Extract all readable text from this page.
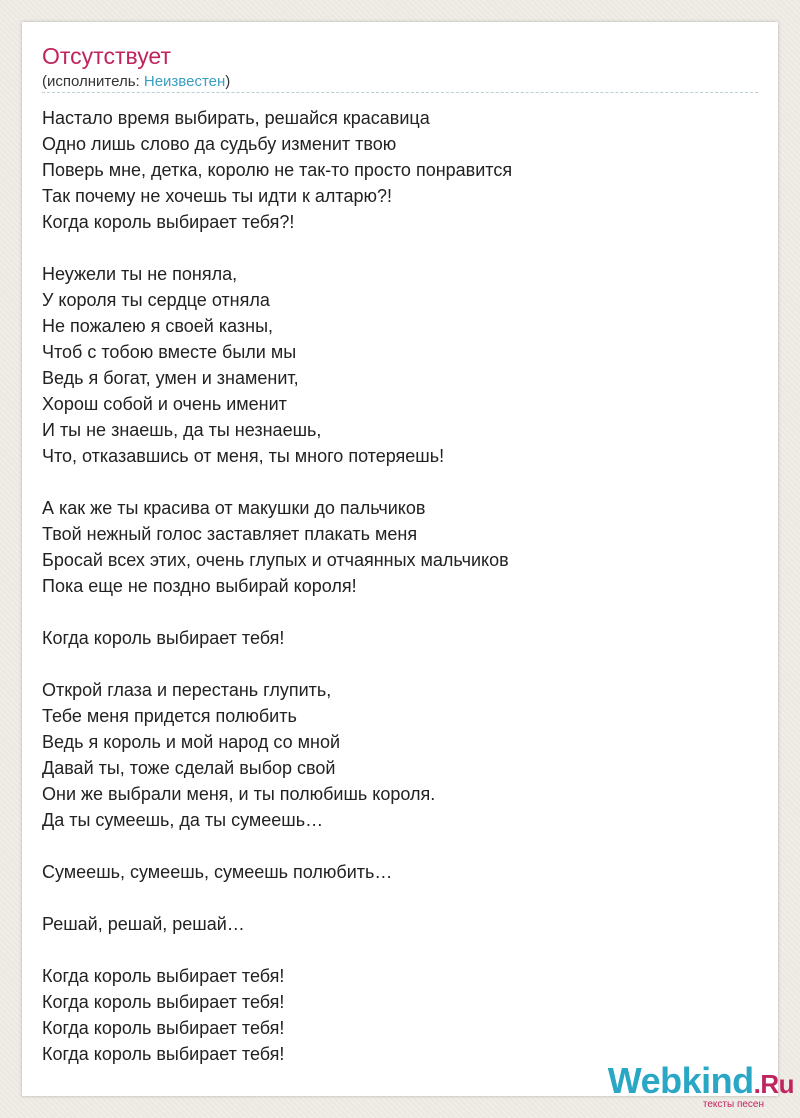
Отсутствует
(исполнитель: Неизвестен)
Настало время выбирать, решайся красавица
Одно лишь слово да судьбу изменит твою
Поверь мне, детка, королю не так-то просто понравится
Так почему не хочешь ты идти к алтарю?!
Когда король выбирает тебя?!

Неужели ты не поняла,
У короля ты сердце отняла
Не пожалею я своей казны,
Чтоб с тобою вместе были мы
Ведь я богат, умен и знаменит,
Хорош собой и очень именит
И ты не знаешь, да ты незнаешь,
Что, отказавшись от меня, ты много потеряешь!

А как же ты красива от макушки до пальчиков
Твой нежный голос заставляет плакать меня
Бросай всех этих, очень глупых и отчаянных мальчиков
Пока еще не поздно выбирай короля!

Когда король выбирает тебя!

Открой глаза и перестань глупить,
Тебе меня придется полюбить
Ведь я король и мой народ со мной
Давай ты, тоже сделай выбор свой
Они же выбрали меня, и ты полюбишь короля.
Да ты сумеешь, да ты сумеешь…

Сумеешь, сумеешь, сумеешь полюбить…

Решай, решай, решай…

Когда король выбирает тебя!
Когда король выбирает тебя!
Когда король выбирает тебя!
Когда король выбирает тебя!
Webkind.Ru
тексты песен
